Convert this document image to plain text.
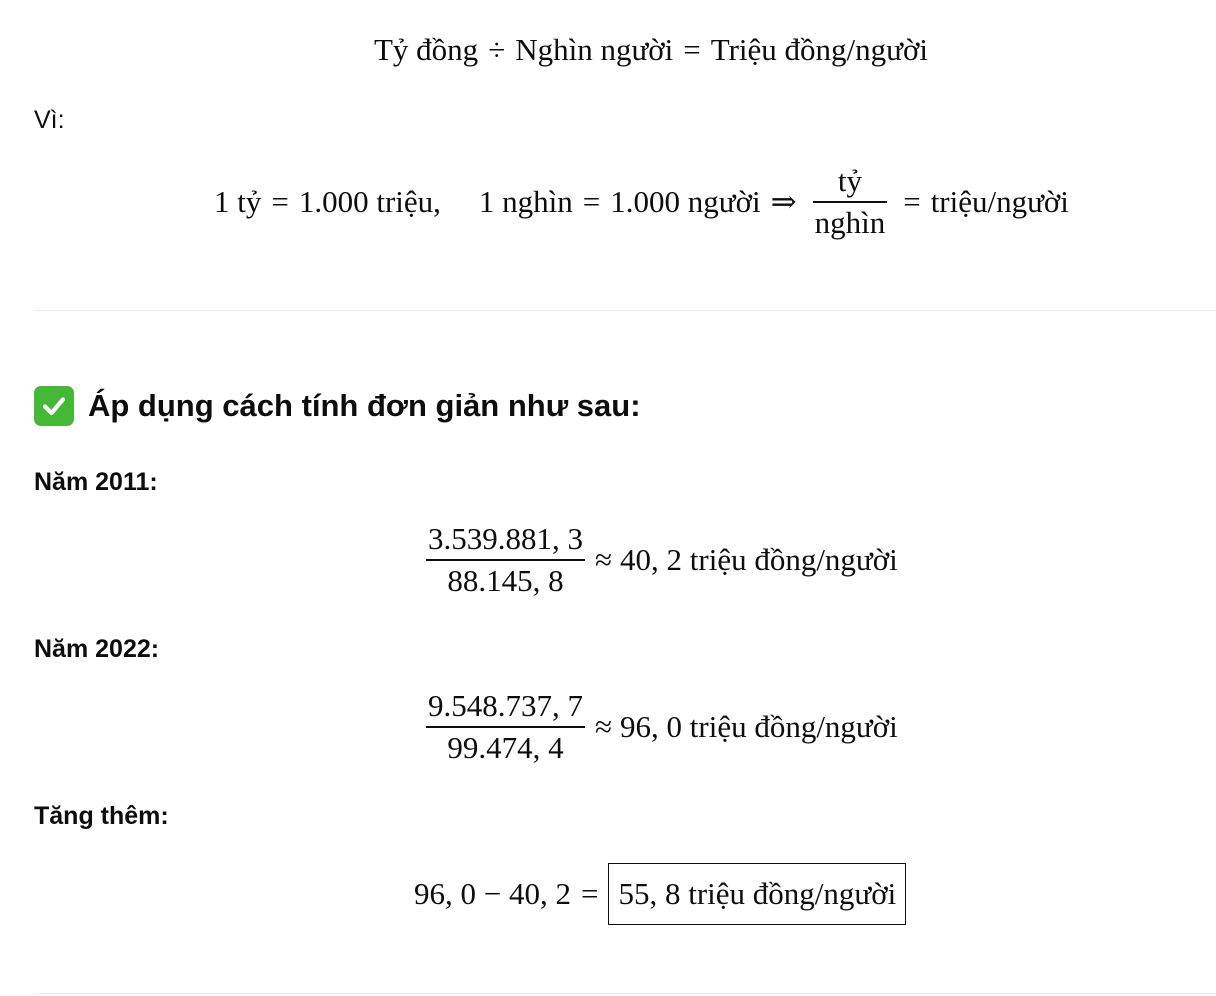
Tỷ đồng ÷ Nghìn người = Triệu đồng/người
Vì:
1 tỷ = 1.000 triệu, 1 nghìn = 1.000 người ⇒ $\frac{\text{tỷ}}{\text{nghìn}}$ = triệu/người
Áp dụng cách tính đơn giản như sau:
Năm 2011:
$\frac{3.539.881, 3}{88.145, 8} \approx 40$, 2 triệu đồng/người
Năm 2022:
$\frac{9.548.737, 7}{99.474, 4} \approx 96$, 0 triệu đồng/người
Tăng thêm:
96, 0 − 40, 2 = 55, 8 triệu đồng/người
